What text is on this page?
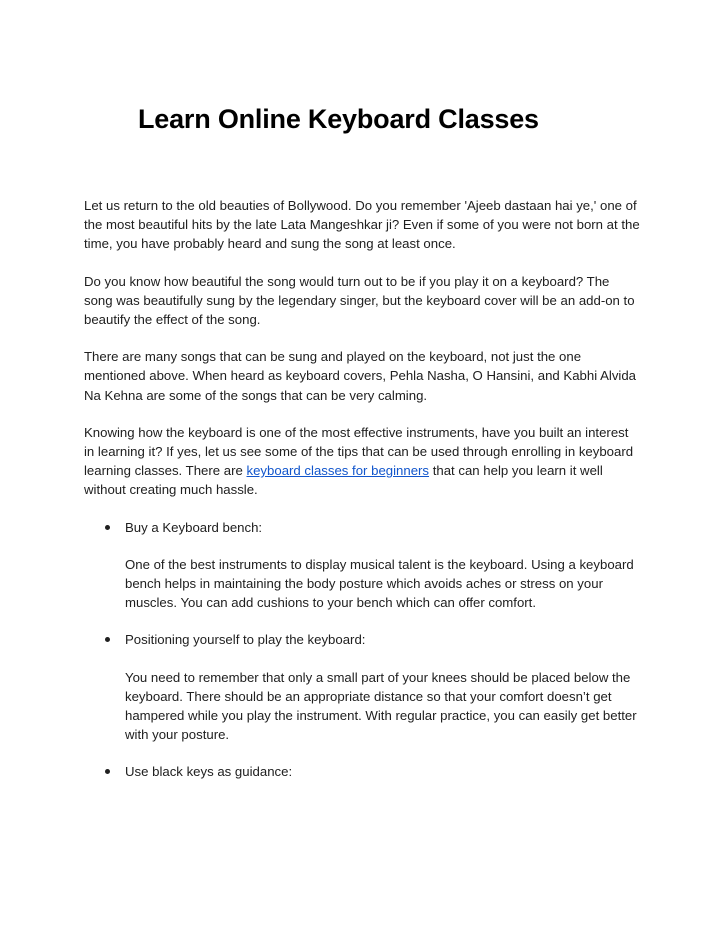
Learn Online Keyboard Classes

Let us return to the old beauties of Bollywood. Do you remember 'Ajeeb dastaan hai ye,' one of the most beautiful hits by the late Lata Mangeshkar ji? Even if some of you were not born at the time, you have probably heard and sung the song at least once.

Do you know how beautiful the song would turn out to be if you play it on a keyboard? The song was beautifully sung by the legendary singer, but the keyboard cover will be an add-on to beautify the effect of the song.

There are many songs that can be sung and played on the keyboard, not just the one mentioned above. When heard as keyboard covers, Pehla Nasha, O Hansini, and Kabhi Alvida Na Kehna are some of the songs that can be very calming.

Knowing how the keyboard is one of the most effective instruments, have you built an interest in learning it? If yes, let us see some of the tips that can be used through enrolling in keyboard learning classes. There are keyboard classes for beginners that can help you learn it well without creating much hassle.

Buy a Keyboard bench:

One of the best instruments to display musical talent is the keyboard. Using a keyboard bench helps in maintaining the body posture which avoids aches or stress on your muscles. You can add cushions to your bench which can offer comfort.

Positioning yourself to play the keyboard:

You need to remember that only a small part of your knees should be placed below the keyboard. There should be an appropriate distance so that your comfort doesn’t get hampered while you play the instrument. With regular practice, you can easily get better with your posture.

Use black keys as guidance:
